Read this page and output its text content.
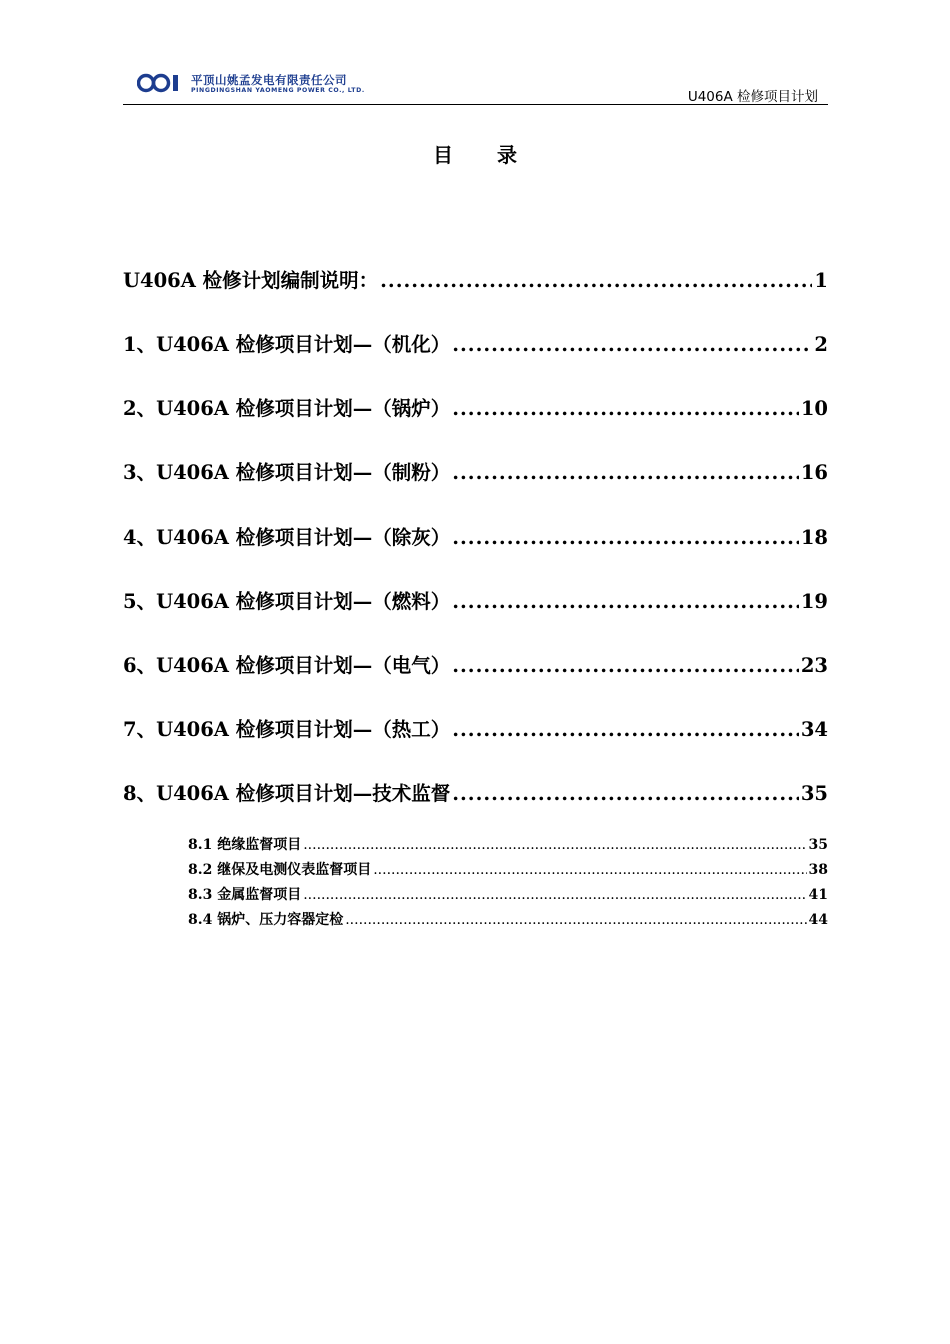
平顶山姚孟发电有限责任公司
PINGDINGSHAN YAOMENG POWER CO., LTD.	U406A 检修项目计划
目 录
U406A 检修计划编制说明： .....	1
1、U406A 检修项目计划—（机化） .....	2
2、U406A 检修项目计划—（锅炉） .....	10
3、U406A 检修项目计划—（制粉） .....	16
4、U406A 检修项目计划—（除灰） .....	18
5、U406A 检修项目计划—（燃料） .....	19
6、U406A 检修项目计划—（电气） .....	23
7、U406A 检修项目计划—（热工） .....	34
8、U406A 检修项目计划—技术监督 .....	35
8.1 绝缘监督项目 .....	35
8.2 继保及电测仪表监督项目 .....	38
8.3 金属监督项目 .....	41
8.4 锅炉、压力容器定检 .....	44
